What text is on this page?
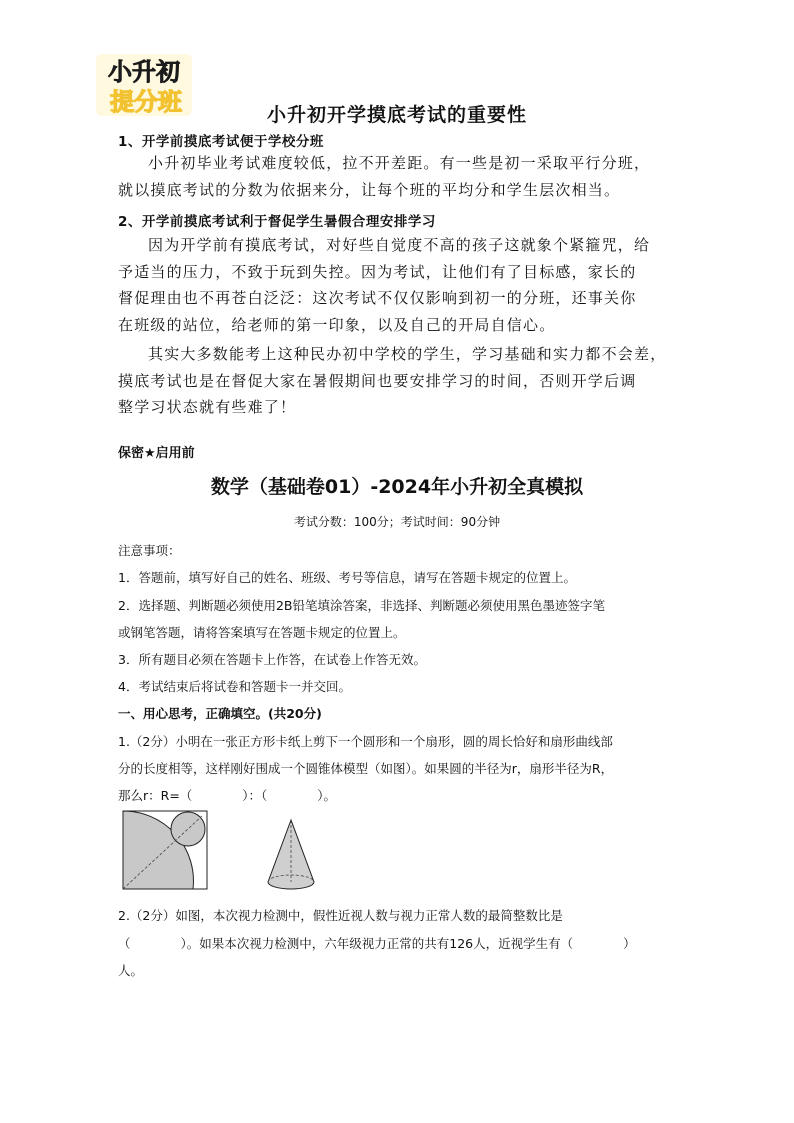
小升初
提分班	小升初开学摸底考试的重要性
1、开学前摸底考试便于学校分班

小升初毕业考试难度较低，拉不开差距。有一些是初一采取平行分班，
就以摸底考试的分数为依据来分，让每个班的平均分和学生层次相当。

2、开学前摸底考试利于督促学生暑假合理安排学习

因为开学前有摸底考试，对好些自觉度不高的孩子这就象个紧箍咒，给
予适当的压力，不致于玩到失控。因为考试，让他们有了目标感，家长的
督促理由也不再苍白泛泛：这次考试不仅仅影响到初一的分班，还事关你
在班级的站位，给老师的第一印象，以及自己的开局自信心。

其实大多数能考上这种民办初中学校的学生，学习基础和实力都不会差，
摸底考试也是在督促大家在暑假期间也要安排学习的时间，否则开学后调
整学习状态就有些难了！

保密★启用前
数学（基础卷01）-2024年小升初全真模拟
考试分数：100分；考试时间：90分钟
注意事项：
1．答题前，填写好自己的姓名、班级、考号等信息，请写在答题卡规定的位置上。
2．选择题、判断题必须使用2B铅笔填涂答案，非选择、判断题必须使用黑色墨迹签字笔
或钢笔答题，请将答案填写在答题卡规定的位置上。
3．所有题目必须在答题卡上作答，在试卷上作答无效。
4．考试结束后将试卷和答题卡一并交回。
一、用心思考，正确填空。(共20分)
1.（2分）小明在一张正方形卡纸上剪下一个圆形和一个扇形，圆的周长恰好和扇形曲线部
分的长度相等，这样刚好围成一个圆锥体模型（如图）。如果圆的半径为r，扇形半径为R，
那么r：R=（　　　　）：（　　　　）。
2.（2分）如图，本次视力检测中，假性近视人数与视力正常人数的最简整数比是
（　　　　）。如果本次视力检测中，六年级视力正常的共有126人，近视学生有（　　　　）
人。
